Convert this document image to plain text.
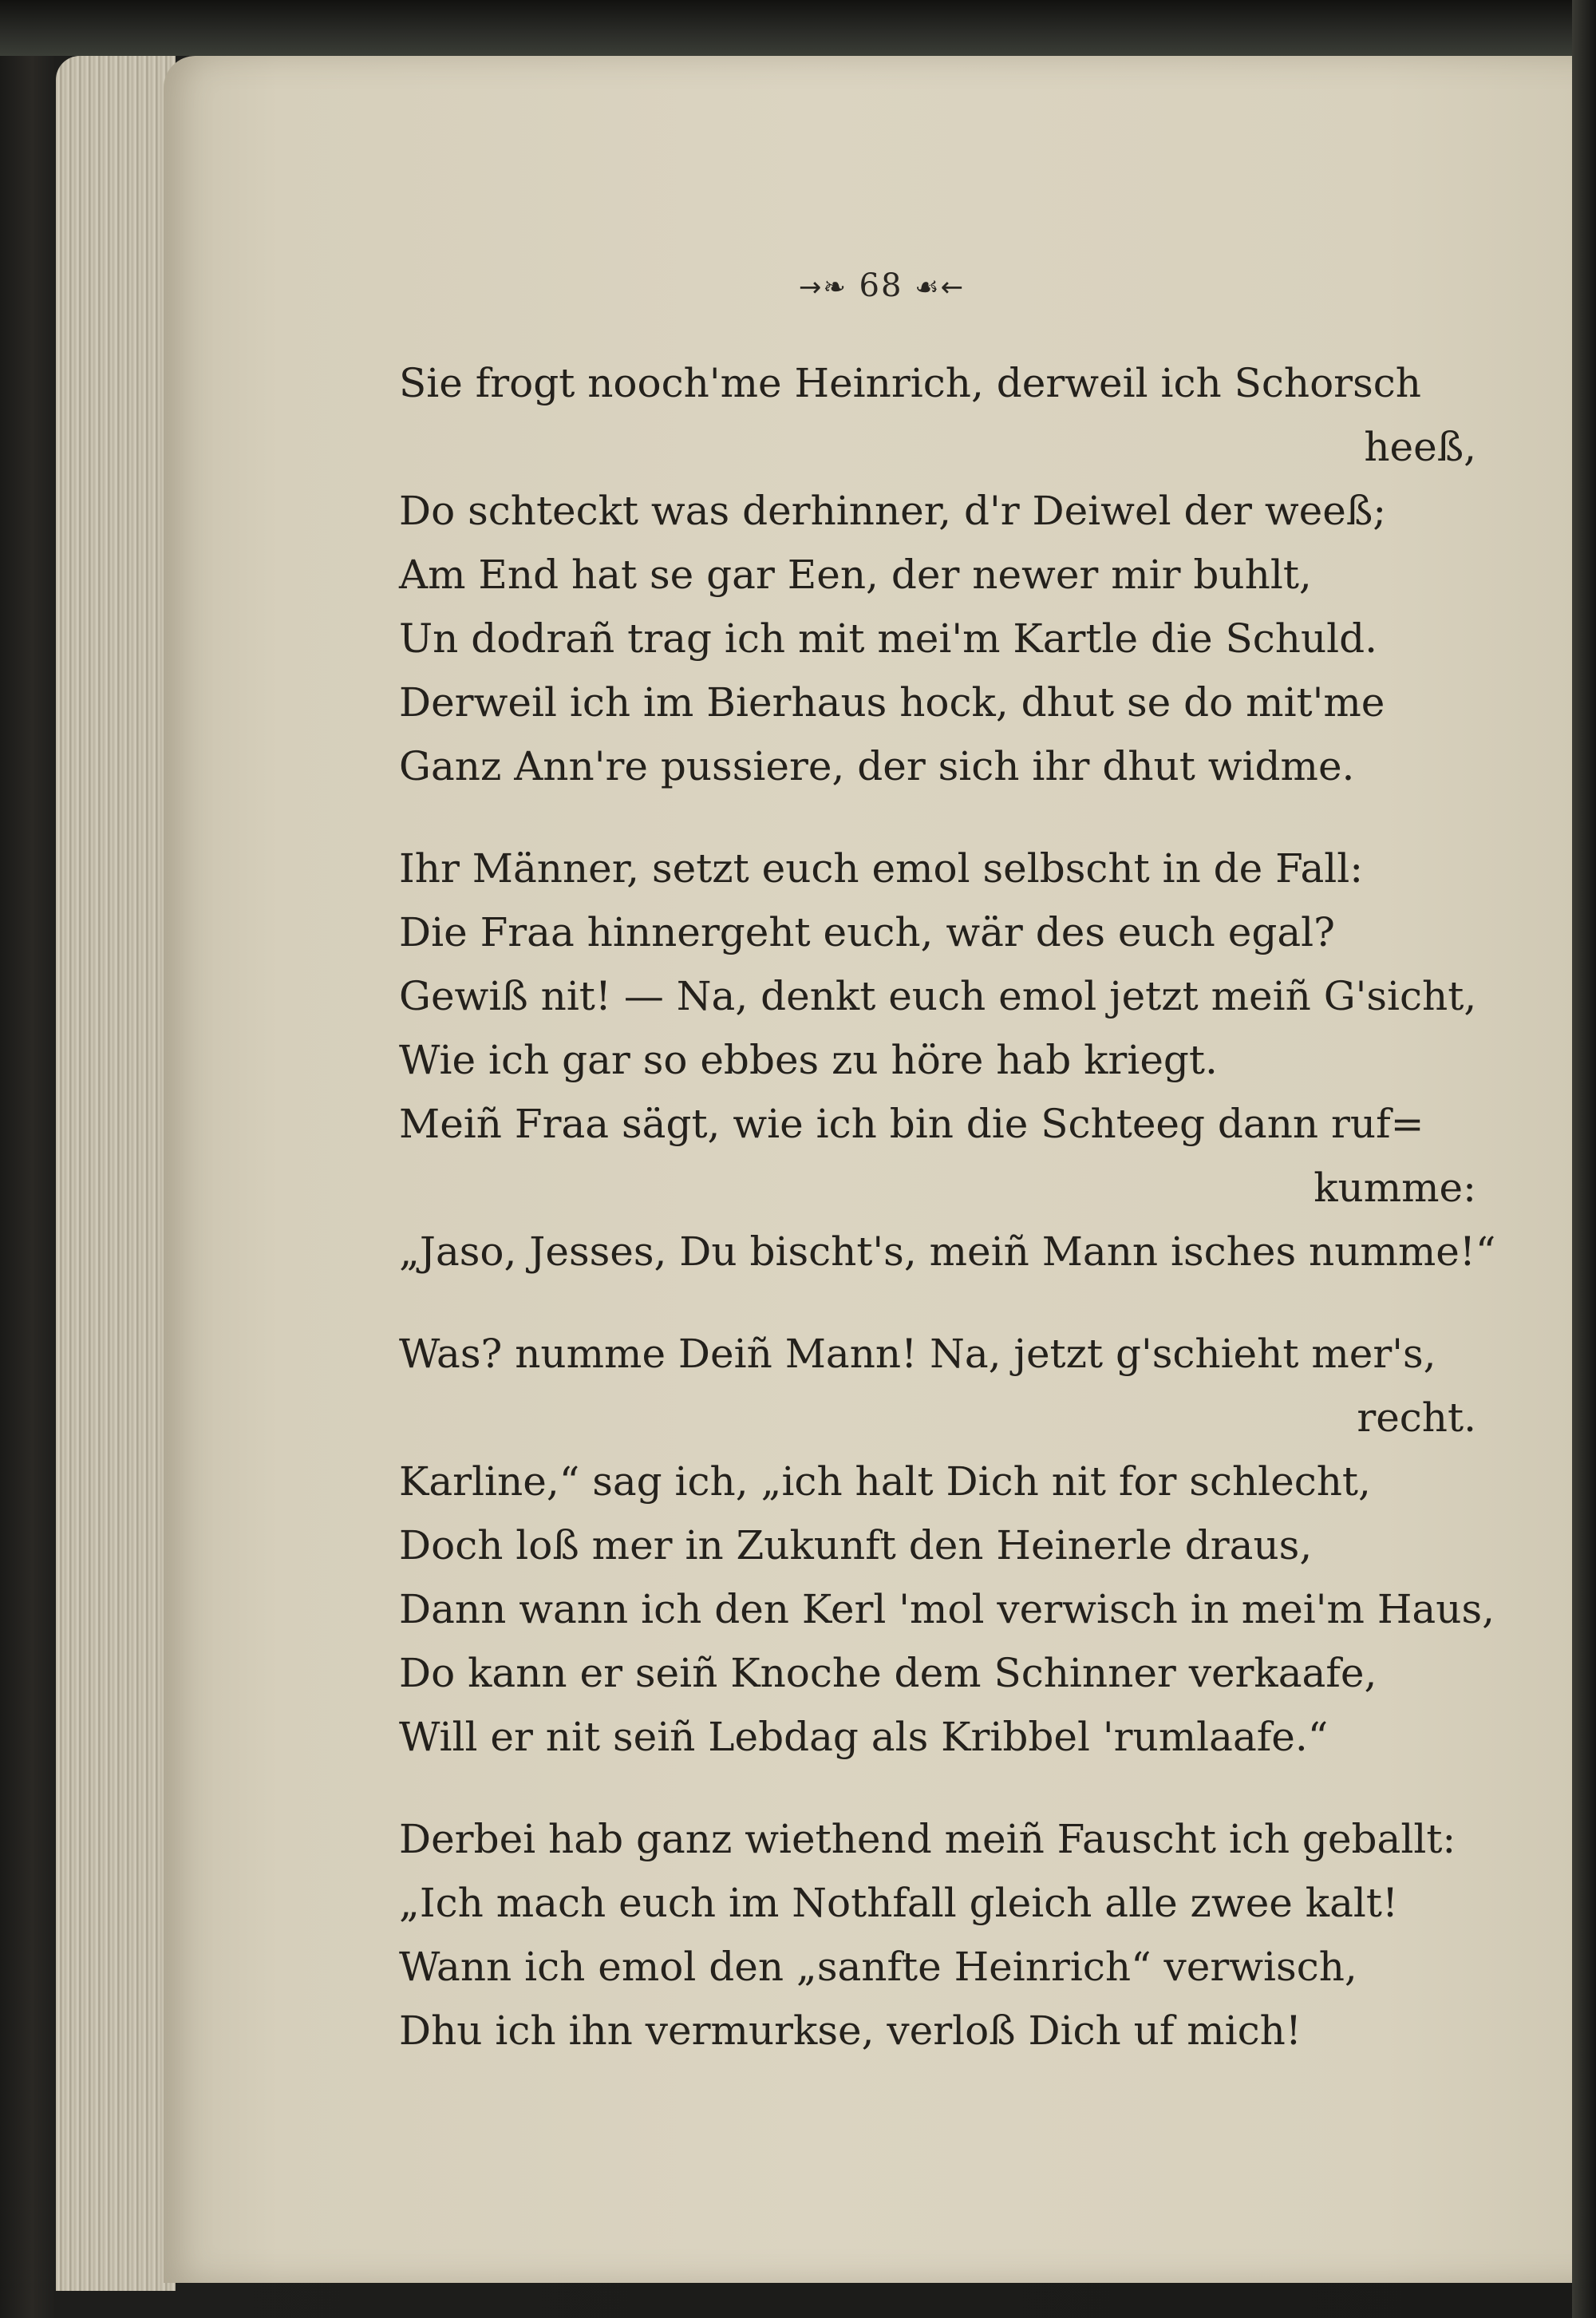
→❧ 68 ☙←
Sie frogt nooch'me Heinrich, derweil ich Schorsch
heeß,
Do schteckt was derhinner, d'r Deiwel der weeß;
Am End hat se gar Een, der newer mir buhlt,
Un dodrañ trag ich mit mei'm Kartle die Schuld.
Derweil ich im Bierhaus hock, dhut se do mit'me
Ganz Ann're pussiere, der sich ihr dhut widme.
Ihr Männer, setzt euch emol selbscht in de Fall:
Die Fraa hinnergeht euch, wär des euch egal?
Gewiß nit! — Na, denkt euch emol jetzt meiñ G'sicht,
Wie ich gar so ebbes zu höre hab kriegt.
Meiñ Fraa sägt, wie ich bin die Schteeg dann ruf=
kumme:
„Jaso, Jesses, Du bischt's, meiñ Mann isches numme!“
Was? numme Deiñ Mann! Na, jetzt g'schieht mer's,
recht.
Karline,“ sag ich, „ich halt Dich nit for schlecht,
Doch loß mer in Zukunft den Heinerle draus,
Dann wann ich den Kerl 'mol verwisch in mei'm Haus,
Do kann er seiñ Knoche dem Schinner verkaafe,
Will er nit seiñ Lebdag als Kribbel 'rumlaafe.“
Derbei hab ganz wiethend meiñ Fauscht ich geballt:
„Ich mach euch im Nothfall gleich alle zwee kalt!
Wann ich emol den „sanfte Heinrich“ verwisch,
Dhu ich ihn vermurkse, verloß Dich uf mich!
